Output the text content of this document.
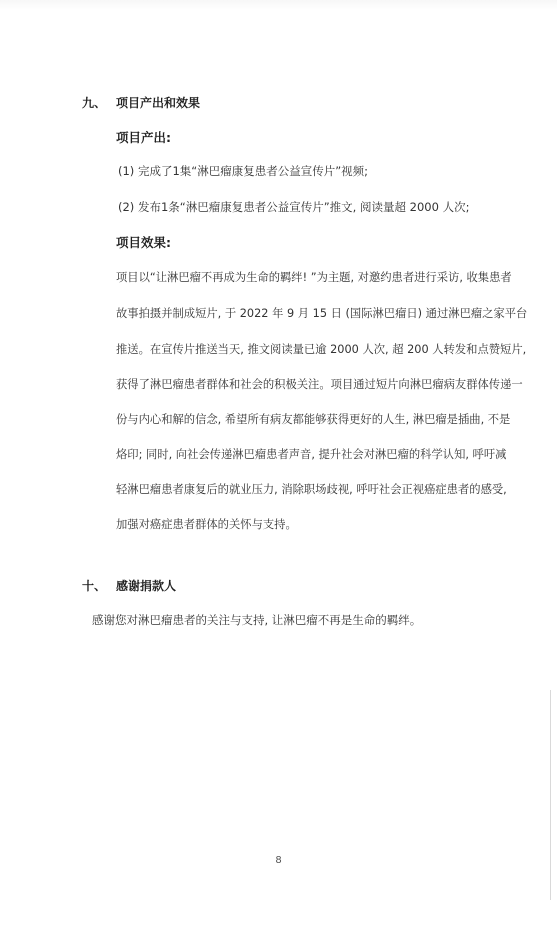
九、 项目产出和效果
项目产出:
(1) 完成了1集“淋巴瘤康复患者公益宣传片”视频;
(2) 发布1条“淋巴瘤康复患者公益宣传片”推文, 阅读量超 2000 人次;
项目效果:
项目以“让淋巴瘤不再成为生命的羁绊! ”为主题, 对邀约患者进行采访, 收集患者
故事拍摄并制成短片, 于 2022 年 9 月 15 日 (国际淋巴瘤日) 通过淋巴瘤之家平台
推送。在宣传片推送当天, 推文阅读量已逾 2000 人次, 超 200 人转发和点赞短片,
获得了淋巴瘤患者群体和社会的积极关注。项目通过短片向淋巴瘤病友群体传递一
份与内心和解的信念, 希望所有病友都能够获得更好的人生, 淋巴瘤是插曲, 不是
烙印; 同时, 向社会传递淋巴瘤患者声音, 提升社会对淋巴瘤的科学认知, 呼吁减
轻淋巴瘤患者康复后的就业压力, 消除职场歧视, 呼吁社会正视癌症患者的感受,
加强对癌症患者群体的关怀与支持。
十、 感谢捐款人
感谢您对淋巴瘤患者的关注与支持, 让淋巴瘤不再是生命的羁绊。
8
